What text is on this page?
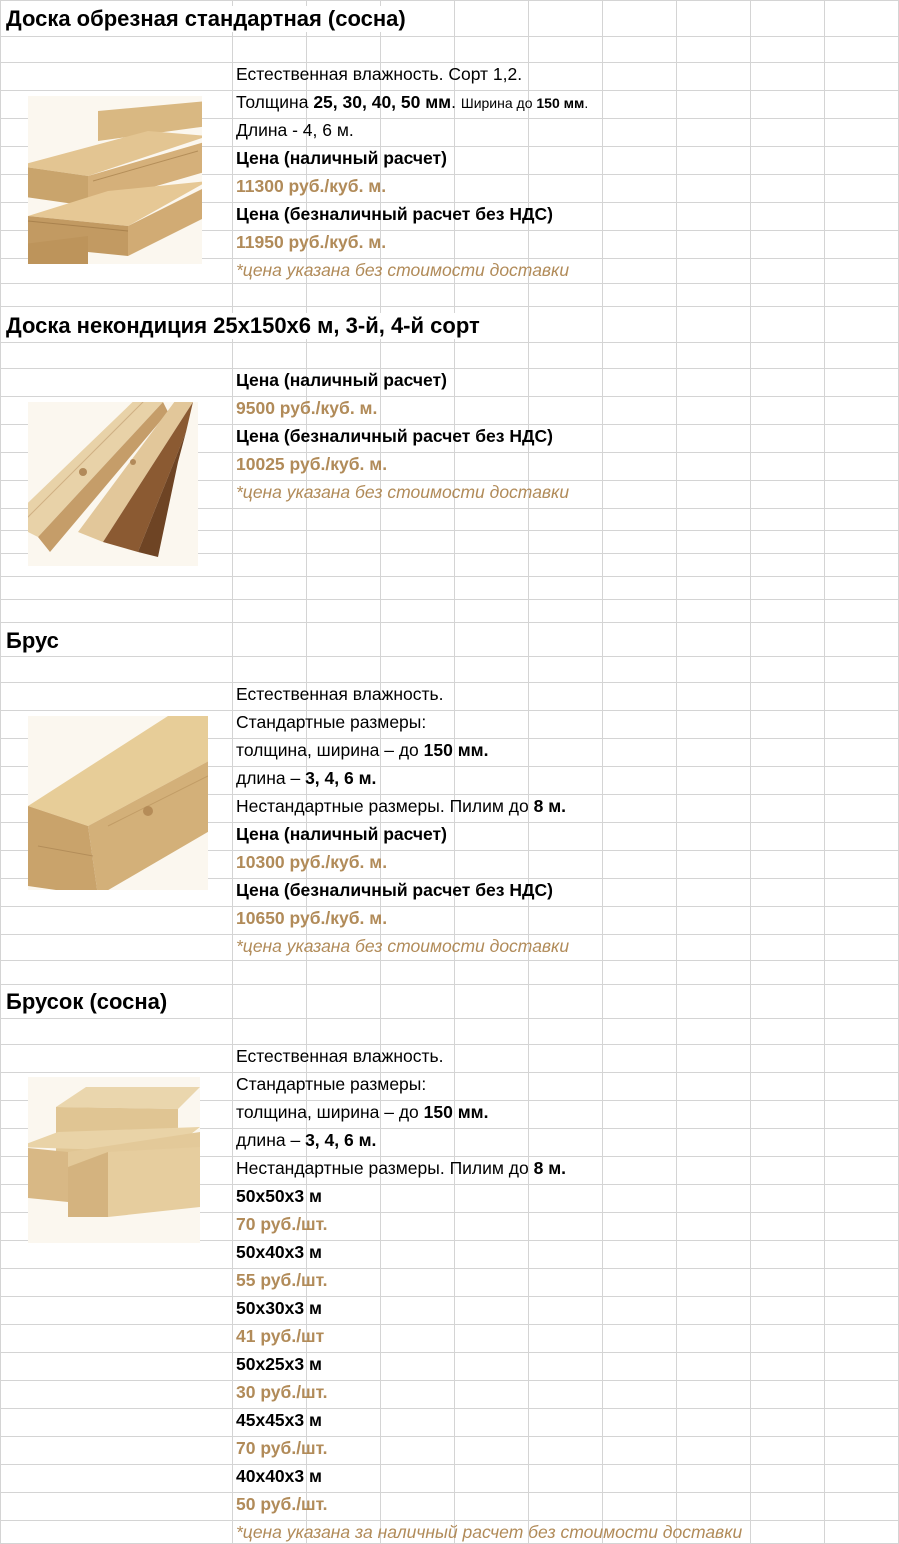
Доска обрезная стандартная (сосна)
Естественная влажность. Сорт 1,2.
Толщина 25, 30, 40, 50 мм. Ширина до 150 мм.
Длина - 4, 6 м.
Цена (наличный расчет)
11300 руб./куб. м.
Цена (безналичный расчет без НДС)
11950 руб./куб. м.
*цена указана без стоимости доставки
Доска некондиция 25х150х6 м, 3-й, 4-й сорт
Цена (наличный расчет)
9500 руб./куб. м.
Цена (безналичный расчет без НДС)
10025 руб./куб. м.
*цена указана без стоимости доставки
Брус
Естественная влажность.
Стандартные размеры:
толщина, ширина – до 150 мм.
длина – 3, 4, 6 м.
Нестандартные размеры. Пилим до 8 м.
Цена (наличный расчет)
10300 руб./куб. м.
Цена (безналичный расчет без НДС)
10650 руб./куб. м.
*цена указана без стоимости доставки
Брусок (сосна)
Естественная влажность.
Стандартные размеры:
толщина, ширина – до 150 мм.
длина – 3, 4, 6 м.
Нестандартные размеры. Пилим до 8 м.
50х50х3 м
70 руб./шт.
50х40х3 м
55 руб./шт.
50х30х3 м
41 руб./шт
50х25х3 м
30 руб./шт.
45х45х3 м
70 руб./шт.
40х40х3 м
50 руб./шт.
*цена указана за наличный расчет без стоимости доставки
